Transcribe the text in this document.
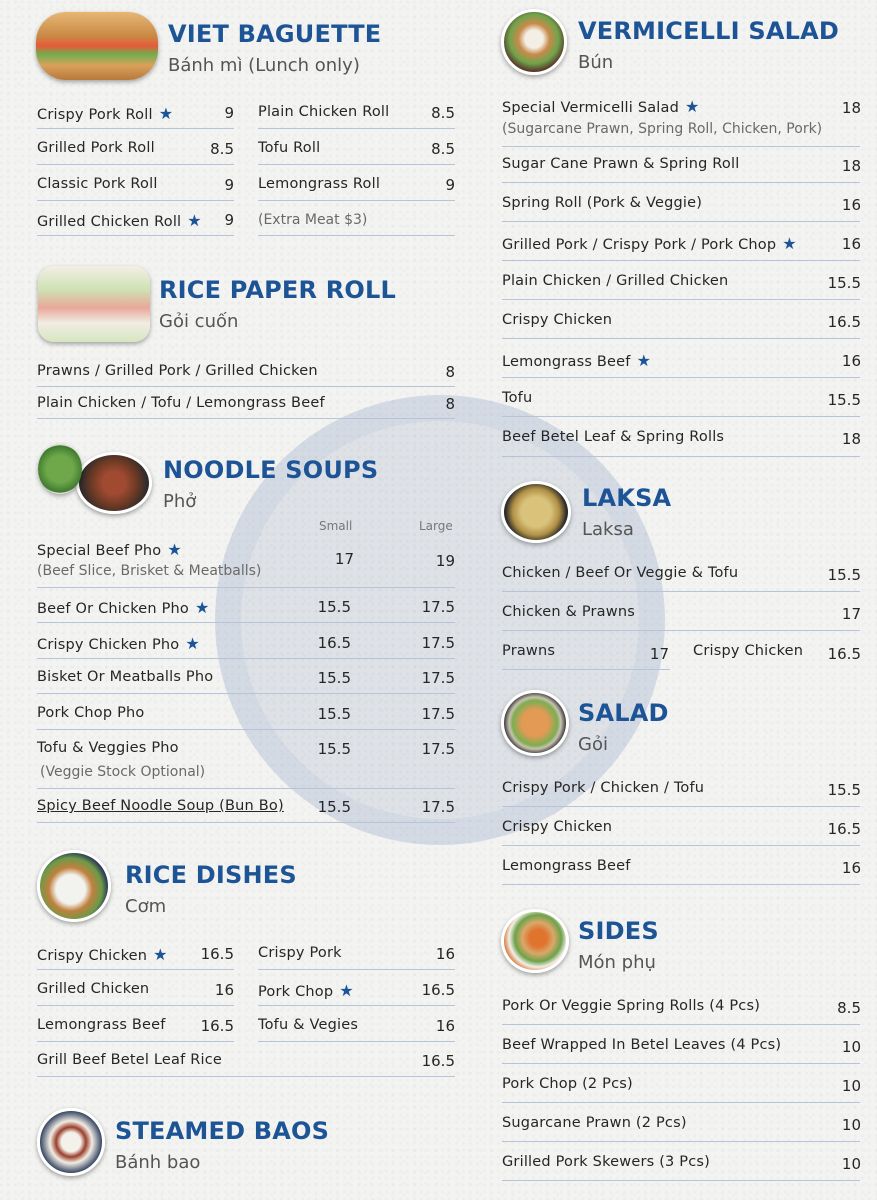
VIET BAGUETTE
Bánh mì (Lunch only)
Crispy Pork Roll ★	9
Grilled Pork Roll	8.5
Classic Pork Roll	9
Grilled Chicken Roll ★ 9
Plain Chicken Roll	8.5
Tofu Roll	8.5
Lemongrass Roll	9
(Extra Meat $3)
RICE PAPER ROLL
Gỏi cuốn
Prawns / Grilled Pork / Grilled Chicken	8
Plain Chicken / Tofu / Lemongrass Beef	8
NOODLE SOUPS
Phở
Small	Large
Special Beef Pho ★
(Beef Slice, Brisket & Meatballs)
17	19
Beef Or Chicken Pho ★	15.5	17.5
Crispy Chicken Pho ★	16.5	17.5
Bisket Or Meatballs Pho	15.5	17.5
Pork Chop Pho	15.5	17.5
Tofu & Veggies Pho
(Veggie Stock Optional)
15.5	17.5
Spicy Beef Noodle Soup (Bun Bo) 15.5	17.5
RICE DISHES
Cơm
Crispy Chicken ★ 16.5
Grilled Chicken	16
Lemongrass Beef 16.5
Crispy Pork	16
Pork Chop ★	16.5
Tofu & Vegies	16
Grill Beef Betel Leaf Rice	16.5
STEAMED BAOS
Bánh bao
VERMICELLI SALAD
Bún
Special Vermicelli Salad ★
(Sugarcane Prawn, Spring Roll, Chicken, Pork)
18
Sugar Cane Prawn & Spring Roll	18
Spring Roll (Pork & Veggie)	16
Grilled Pork / Crispy Pork / Pork Chop ★	16
Plain Chicken / Grilled Chicken	15.5
Crispy Chicken	16.5
Lemongrass Beef ★	16
Tofu	15.5
Beef Betel Leaf & Spring Rolls	18
LAKSA
Laksa
Chicken / Beef Or Veggie & Tofu	15.5
Chicken & Prawns	17
Prawns	17 Crispy Chicken 16.5
SALAD
Gỏi
Crispy Pork / Chicken / Tofu	15.5
Crispy Chicken	16.5
Lemongrass Beef	16
SIDES
Món phụ
Pork Or Veggie Spring Rolls (4 Pcs)	8.5
Beef Wrapped In Betel Leaves (4 Pcs)	10
Pork Chop (2 Pcs)	10
Sugarcane Prawn (2 Pcs)	10
Grilled Pork Skewers (3 Pcs)	10
